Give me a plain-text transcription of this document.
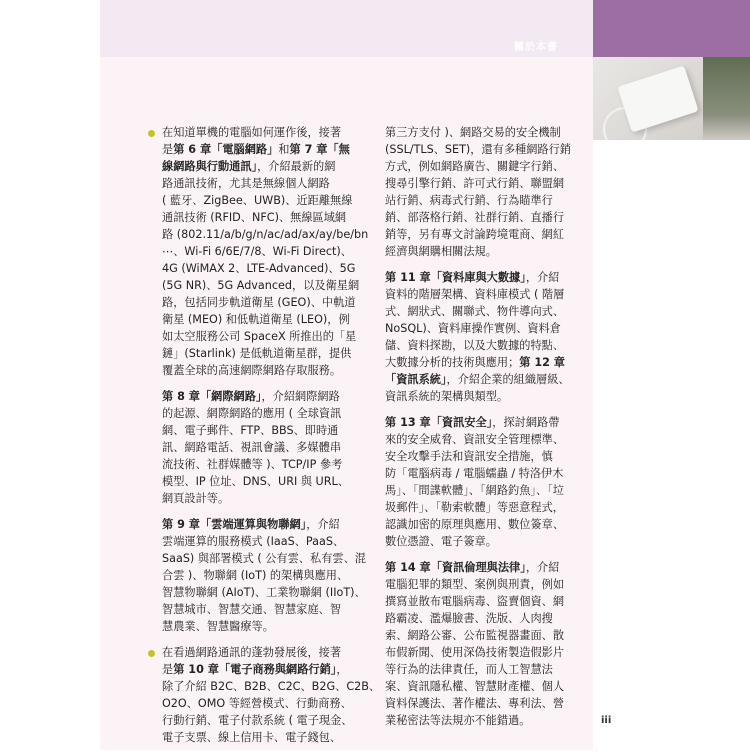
關於本書
在知道單機的電腦如何運作後，接著
是第 6 章「電腦網路」和第 7 章「無
線網路與行動通訊」，介紹最新的網
路通訊技術，尤其是無線個人網路
( 藍牙、ZigBee、UWB)、近距離無線
通訊技術 (RFID、NFC)、無線區域網
路 (802.11/a/b/g/n/ac/ad/ax/ay/be/bn
⋯、Wi-Fi 6/6E/7/8、Wi-Fi Direct)、
4G (WiMAX 2、LTE-Advanced)、5G
(5G NR)、5G Advanced，以及衛星網
路，包括同步軌道衛星 (GEO)、中軌道
衛星 (MEO) 和低軌道衛星 (LEO)，例
如太空服務公司 SpaceX 所推出的「星
鏈」(Starlink) 是低軌道衛星群，提供
覆蓋全球的高速網際網路存取服務。
第 8 章「網際網路」，介紹網際網路
的起源、網際網路的應用 ( 全球資訊
網、電子郵件、FTP、BBS、即時通
訊、網路電話、視訊會議、多媒體串
流技術、社群媒體等 )、TCP/IP 參考
模型、IP 位址、DNS、URI 與 URL、
網頁設計等。
第 9 章「雲端運算與物聯網」，介紹
雲端運算的服務模式 (IaaS、PaaS、
SaaS) 與部署模式 ( 公有雲、私有雲、混
合雲 )、物聯網 (IoT) 的架構與應用、
智慧物聯網 (AIoT)、工業物聯網 (IIoT)、
智慧城市、智慧交通、智慧家庭、智
慧農業、智慧醫療等。
在看過網路通訊的蓬勃發展後，接著
是第 10 章「電子商務與網路行銷」，
除了介紹 B2C、B2B、C2C、B2G、C2B、
O2O、OMO 等經營模式、行動商務、
行動行銷、電子付款系統 ( 電子現金、
電子支票、線上信用卡、電子錢包、
第三方支付 )、網路交易的安全機制
(SSL/TLS、SET)，還有多種網路行銷
方式，例如網路廣告、關鍵字行銷、
搜尋引擎行銷、許可式行銷、聯盟網
站行銷、病毒式行銷、行為瞄準行
銷、部落格行銷、社群行銷、直播行
銷等，另有專文討論跨境電商、網紅
經濟與網購相關法規。
第 11 章「資料庫與大數據」，介紹
資料的階層架構、資料庫模式 ( 階層
式、網狀式、關聯式、物件導向式、
NoSQL)、資料庫操作實例、資料倉
儲、資料探勘，以及大數據的特點、
大數據分析的技術與應用；第 12 章
「資訊系統」，介紹企業的組織層級、
資訊系統的架構與類型。
第 13 章「資訊安全」，探討網路帶
來的安全威脅、資訊安全管理標準、
安全攻擊手法和資訊安全措施，慎
防「電腦病毒 / 電腦蠕蟲 / 特洛伊木
馬」、「間諜軟體」、「網路釣魚」、「垃
圾郵件」、「勒索軟體」等惡意程式，
認識加密的原理與應用、數位簽章、
數位憑證、電子簽章。
第 14 章「資訊倫理與法律」，介紹
電腦犯罪的類型、案例與刑責，例如
撰寫並散布電腦病毒、盜賣個資、網
路霸凌、濫爆臉書、洗版、人肉搜
索、網路公審、公布監視器畫面、散
布假新聞、使用深偽技術製造假影片
等行為的法律責任，而人工智慧法
案、資訊隱私權、智慧財產權、個人
資料保護法、著作權法、專利法、營
業秘密法等法規亦不能錯過。	iii
